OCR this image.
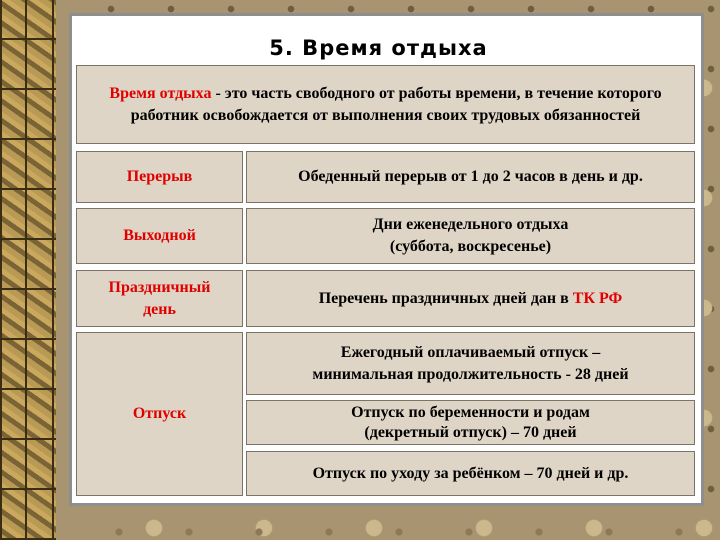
5. Время отдыха
Время отдыха - это часть свободного от работы времени, в течение которого работник освобождается от выполнения своих трудовых обязанностей
Перерыв	Обеденный перерыв от 1 до 2 часов в день и др.
Выходной
Дни еженедельного отдыха
(суббота, воскресенье)
Праздничный
день
Перечень праздничных дней дан в ТК РФ
Отпуск
Ежегодный оплачиваемый отпуск –
минимальная продолжительность - 28 дней
Отпуск по беременности и родам
(декретный отпуск) – 70 дней
Отпуск по уходу за ребёнком – 70 дней и др.
